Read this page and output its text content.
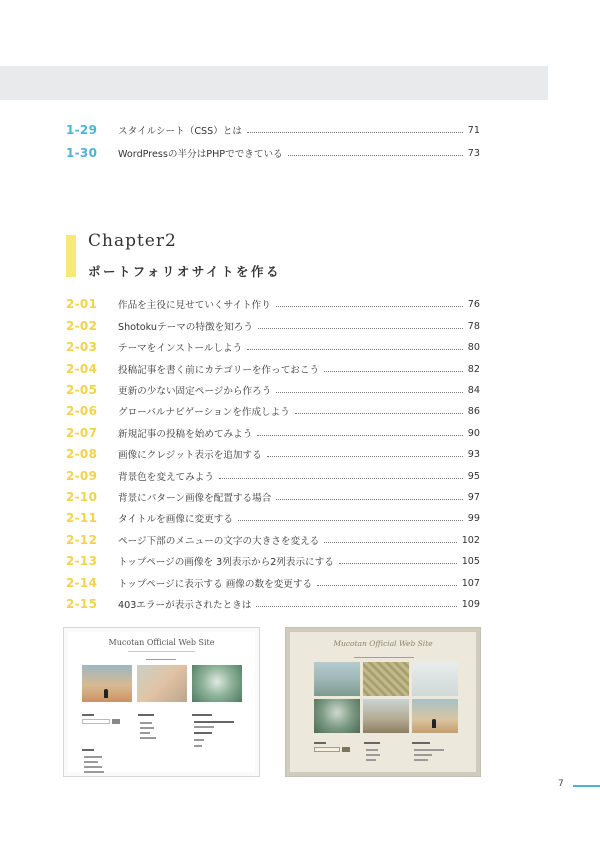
1-29	スタイルシート（CSS）とは	71
1-30	WordPressの半分はPHPでできている	73
Chapter2
ポートフォリオサイトを作る
2-01	作品を主役に見せていくサイト作り	76
2-02	Shotokuテーマの特徴を知ろう	78
2-03	テーマをインストールしよう	80
2-04	投稿記事を書く前にカテゴリーを作っておこう	82
2-05	更新の少ない固定ページから作ろう	84
2-06	グローバルナビゲーションを作成しよう	86
2-07	新規記事の投稿を始めてみよう	90
2-08	画像にクレジット表示を追加する	93
2-09	背景色を変えてみよう	95
2-10	背景にパターン画像を配置する場合	97
2-11	タイトルを画像に変更する	99
2-12	ページ下部のメニューの文字の大きさを変える	102
2-13	トップページの画像を 3列表示から2列表示にする	105
2-14	トップページに表示する 画像の数を変更する	107
2-15	403エラーが表示されたときは	109
Mucotan Official Web Site	Mucotan Official Web Site
7
